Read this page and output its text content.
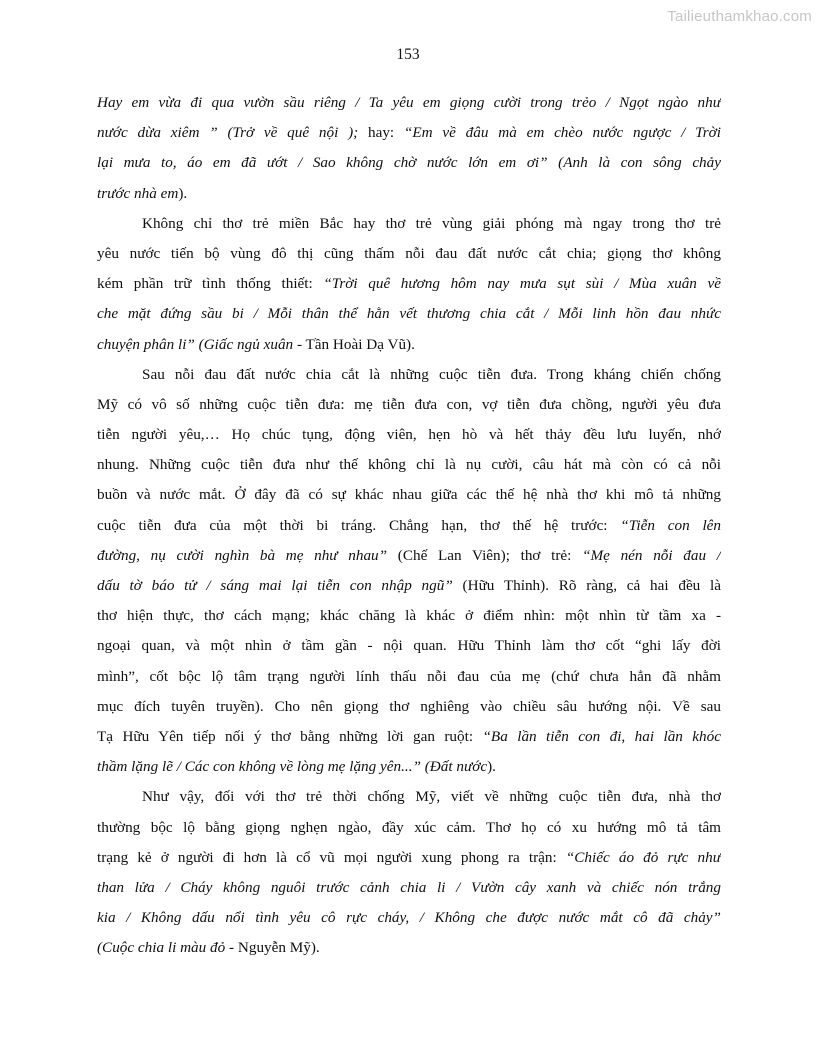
Tailieuthamkhao.com
153
Hay em vừa đi qua vườn sầu riêng / Ta yêu em giọng cười trong trẻo / Ngọt ngào như
nước dừa xiêm ” (Trở về quê nội ); hay: “Em về đâu mà em chèo nước ngược / Trời
lại mưa to, áo em đã ướt / Sao không chờ nước lớn em ơi” (Anh là con sông chảy
trước nhà em).
Không chỉ thơ trẻ miền Bắc hay thơ trẻ vùng giải phóng mà ngay trong thơ trẻ
yêu nước tiến bộ vùng đô thị cũng thấm nỗi đau đất nước cắt chia; giọng thơ không
kém phần trữ tình thống thiết: “Trời quê hương hôm nay mưa sụt sùi / Mùa xuân về
che mặt đứng sầu bi / Mỗi thân thể hằn vết thương chia cắt / Mỗi linh hồn đau nhức
chuyện phân li” (Giấc ngủ xuân - Tần Hoài Dạ Vũ).
Sau nỗi đau đất nước chia cắt là những cuộc tiễn đưa. Trong kháng chiến chống
Mỹ có vô số những cuộc tiễn đưa: mẹ tiễn đưa con, vợ tiễn đưa chồng, người yêu đưa
tiễn người yêu,… Họ chúc tụng, động viên, hẹn hò và hết thảy đều lưu luyến, nhớ
nhung. Những cuộc tiễn đưa như thế không chỉ là nụ cười, câu hát mà còn có cả nỗi
buồn và nước mắt. Ở đây đã có sự khác nhau giữa các thế hệ nhà thơ khi mô tả những
cuộc tiễn đưa của một thời bi tráng. Chẳng hạn, thơ thế hệ trước: “Tiễn con lên
đường, nụ cười nghìn bà mẹ như nhau” (Chế Lan Viên); thơ trẻ: “Mẹ nén nỗi đau /
dấu tờ báo tử / sáng mai lại tiễn con nhập ngũ” (Hữu Thỉnh). Rõ ràng, cả hai đều là
thơ hiện thực, thơ cách mạng; khác chăng là khác ở điểm nhìn: một nhìn từ tầm xa -
ngoại quan, và một nhìn ở tầm gần - nội quan. Hữu Thỉnh làm thơ cốt “ghi lấy đời
mình”, cốt bộc lộ tâm trạng người lính thấu nỗi đau của mẹ (chứ chưa hẳn đã nhằm
mục đích tuyên truyền). Cho nên giọng thơ nghiêng vào chiều sâu hướng nội. Về sau
Tạ Hữu Yên tiếp nối ý thơ bằng những lời gan ruột: “Ba lần tiễn con đi, hai lần khóc
thầm lặng lẽ / Các con không về lòng mẹ lặng yên...” (Đất nước).
Như vậy, đối với thơ trẻ thời chống Mỹ, viết về những cuộc tiễn đưa, nhà thơ
thường bộc lộ bằng giọng nghẹn ngào, đầy xúc cảm. Thơ họ có xu hướng mô tả tâm
trạng kẻ ở người đi hơn là cổ vũ mọi người xung phong ra trận: “Chiếc áo đỏ rực như
than lửa / Cháy không nguôi trước cảnh chia li / Vườn cây xanh và chiếc nón trắng
kia / Không dấu nổi tình yêu cô rực cháy, / Không che được nước mắt cô đã chảy”
(Cuộc chia li màu đỏ - Nguyễn Mỹ).
